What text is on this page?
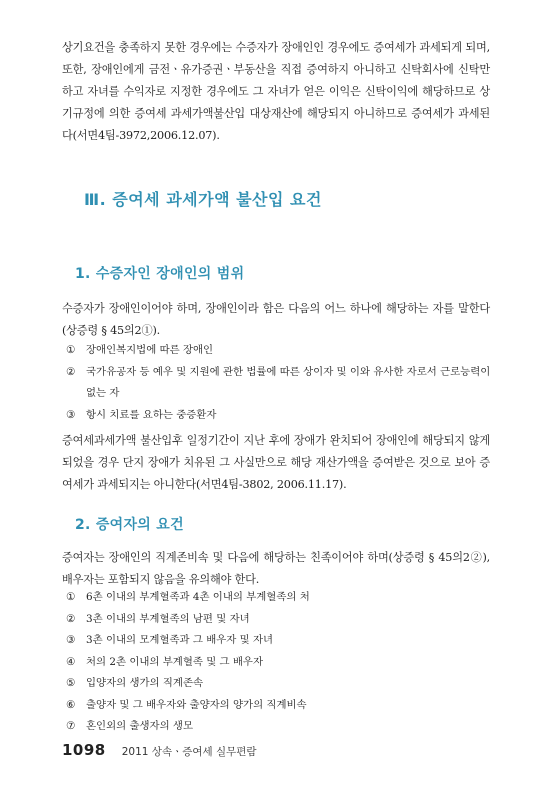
상기요건을 충족하지 못한 경우에는 수증자가 장애인인 경우에도 증여세가 과세되게 되며, 또한, 장애인에게 금전ㆍ유가증권ㆍ부동산을 직접 증여하지 아니하고 신탁회사에 신탁만 하고 자녀를 수익자로 지정한 경우에도 그 자녀가 얻은 이익은 신탁이익에 해당하므로 상기규정에 의한 증여세 과세가액불산입 대상재산에 해당되지 아니하므로 증여세가 과세된다(서면4팀-3972,2006.12.07).

Ⅲ. 증여세 과세가액 불산입 요건
1. 수증자인 장애인의 범위

수증자가 장애인이어야 하며, 장애인이라 함은 다음의 어느 하나에 해당하는 자를 말한다(상증령 § 45의2①).

①	장애인복지법에 따른 장애인
②	국가유공자 등 예우 및 지원에 관한 법률에 따른 상이자 및 이와 유사한 자로서 근로능력이 없는 자
③	항시 치료를 요하는 중증환자

증여세과세가액 불산입후 일정기간이 지난 후에 장애가 완치되어 장애인에 해당되지 않게 되었을 경우 단지 장애가 치유된 그 사실만으로 해당 재산가액을 증여받은 것으로 보아 증여세가 과세되지는 아니한다(서면4팀-3802, 2006.11.17).

2. 증여자의 요건

증여자는 장애인의 직계존비속 및 다음에 해당하는 친족이어야 하며(상증령 § 45의2②), 배우자는 포함되지 않음을 유의해야 한다.

①	6촌 이내의 부계혈족과 4촌 이내의 부계혈족의 처
②	3촌 이내의 부계혈족의 남편 및 자녀
③	3촌 이내의 모계혈족과 그 배우자 및 자녀
④	처의 2촌 이내의 부계혈족 및 그 배우자
⑤	입양자의 생가의 직계존속
⑥	출양자 및 그 배우자와 출양자의 양가의 직계비속
⑦	혼인외의 출생자의 생모
1098 2011 상속ㆍ증여세 실무편람
